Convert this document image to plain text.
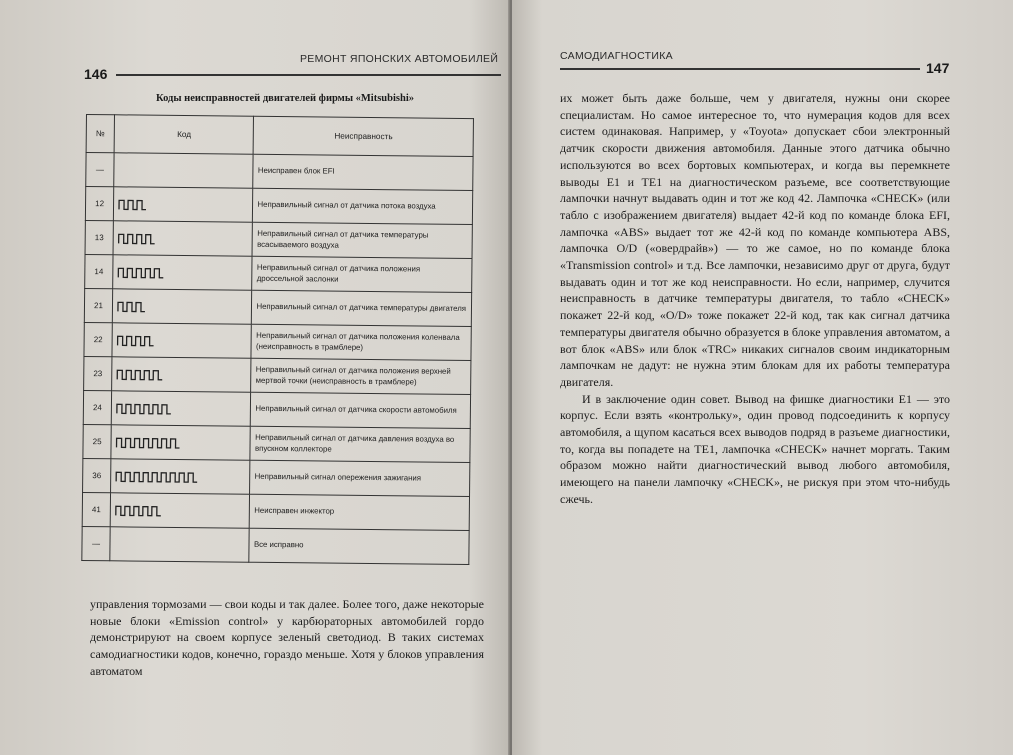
РЕМОНТ ЯПОНСКИХ АВТОМОБИЛЕЙ
146
Коды неисправностей двигателей фирмы «Mitsubishi»
№	Код	Неисправность
—		Неисправен блок EFI
12		Неправильный сигнал от датчика потока воздуха
13		Неправильный сигнал от датчика температуры всасываемого воздуха
14		Неправильный сигнал от датчика положения дроссельной заслонки
21		Неправильный сигнал от датчика температуры двигателя
22		Неправильный сигнал от датчика положения коленвала (неисправность в трамблере)
23		Неправильный сигнал от датчика положения верхней мертвой точки (неисправность в трамблере)
24		Неправильный сигнал от датчика скорости автомобиля
25		Неправильный сигнал от датчика давления воздуха во впускном коллекторе
36		Неправильный сигнал опережения зажигания
41		Неисправен инжектор
—		Все исправно

управления тормозами — свои коды и так далее. Более того, даже некоторые новые блоки «Emission control» у карбюраторных автомобилей гордо демонстрируют на своем корпусе зеленый светодиод. В таких системах самодиагностики кодов, конечно, гораздо меньше. Хотя у блоков управления автоматом

САМОДИАГНОСТИКА
147

их может быть даже больше, чем у двигателя, нужны они скорее специалистам. Но самое интересное то, что нумерация кодов для всех систем одинаковая. Например, у «Toyota» допускает сбои электронный датчик скорости движения автомобиля. Данные этого датчика обычно используются во всех бортовых компьютерах, и когда вы перемкнете выводы E1 и TE1 на диагностическом разъеме, все соответствующие лампочки начнут выдавать один и тот же код 42. Лампочка «CHECK» (или табло с изображением двигателя) выдает 42-й код по команде блока EFI, лампочка «ABS» выдает тот же 42-й код по команде компьютера ABS, лампочка O/D («овердрайв») — то же самое, но по команде блока «Transmission control» и т.д. Все лампочки, независимо друг от друга, будут выдавать один и тот же код неисправности. Но если, например, случится неисправность в датчике температуры двигателя, то табло «CHECK» покажет 22-й код, «O/D» тоже покажет 22-й код, так как сигнал датчика температуры двигателя обычно образуется в блоке управления автоматом, а вот блок «ABS» или блок «TRC» никаких сигналов своим индикаторным лампочкам не дадут: не нужна этим блокам для их работы температура двигателя.

И в заключение один совет. Вывод на фишке диагностики E1 — это корпус. Если взять «контрольку», один провод подсоединить к корпусу автомобиля, а щупом касаться всех выводов подряд в разъеме диагностики, то, когда вы попадете на TE1, лампочка «CHECK» начнет моргать. Таким образом можно найти диагностический вывод любого автомобиля, имеющего на панели лампочку «CHECK», не рискуя при этом что-нибудь сжечь.
